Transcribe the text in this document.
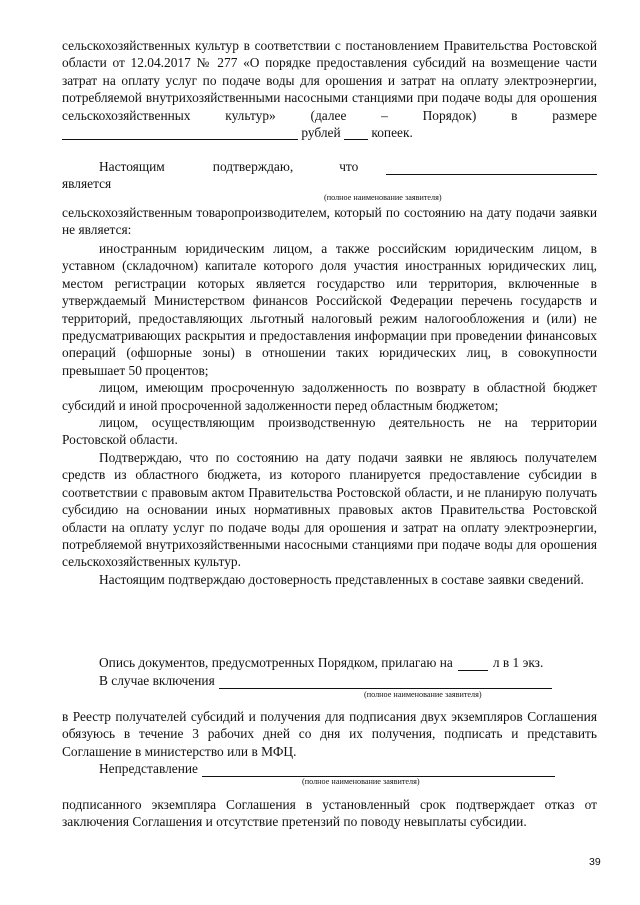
сельскохозяйственных культур в соответствии с постановлением Правительства Ростовской области от 12.04.2017 № 277 «О порядке предоставления субсидий на возмещение части затрат на оплату услуг по подаче воды для орошения и затрат на оплату электроэнергии, потребляемой внутрихозяйственными насосными станциями при подаче воды для орошения сельскохозяйственных культур» (далее – Порядок) в размере  рублей копеек.

Настоящим	подтверждаю,	что
является
(полное наименование заявителя)

сельскохозяйственным товаропроизводителем, который по состоянию на дату подачи заявки не является:

иностранным юридическим лицом, а также российским юридическим лицом, в уставном (складочном) капитале которого доля участия иностранных юридических лиц, местом регистрации которых является государство или территория, включенные в утверждаемый Министерством финансов Российской Федерации перечень государств и территорий, предоставляющих льготный налоговый режим налогообложения и (или) не предусматривающих раскрытия и предоставления информации при проведении финансовых операций (офшорные зоны) в отношении таких юридических лиц, в совокупности превышает 50 процентов;

лицом, имеющим просроченную задолженность по возврату в областной бюджет субсидий и иной просроченной задолженности перед областным бюджетом;

лицом, осуществляющим производственную деятельность не на территории Ростовской области.

Подтверждаю, что по состоянию на дату подачи заявки не являюсь получателем средств из областного бюджета, из которого планируется предоставление субсидии в соответствии с правовым актом Правительства Ростовской области, и не планирую получать субсидию на основании иных нормативных правовых актов Правительства Ростовской области на оплату услуг по подаче воды для орошения и затрат на оплату электроэнергии, потребляемой внутрихозяйственными насосными станциями при подаче воды для орошения сельскохозяйственных культур.

Настоящим подтверждаю достоверность представленных в составе заявки сведений.

Опись документов, предусмотренных Порядком, прилагаю на	л в 1 экз.
В случае включения
(полное наименование заявителя)

в Реестр получателей субсидий и получения для подписания двух экземпляров Соглашения обязуюсь в течение 3 рабочих дней со дня их получения, подписать и представить Соглашение в министерство или в МФЦ.

Непредставление
(полное наименование заявителя)

подписанного экземпляра Соглашения в установленный срок подтверждает отказ от заключения Соглашения и отсутствие претензий по поводу невыплаты субсидии.

39
